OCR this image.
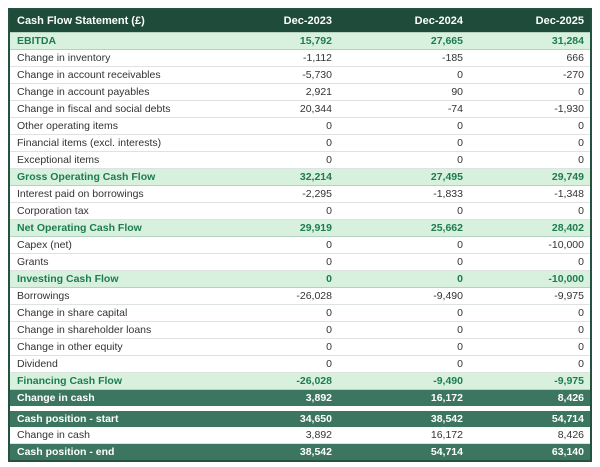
Cash Flow Statement (£)	Dec-2023	Dec-2024	Dec-2025
EBITDA	15,792	27,665	31,284
Change in inventory	-1,112	-185	666
Change in account receivables	-5,730	0	-270
Change in account payables	2,921	90	0
Change in fiscal and social debts	20,344	-74	-1,930
Other operating items	0	0	0
Financial items (excl. interests)	0	0	0
Exceptional items	0	0	0
Gross Operating Cash Flow	32,214	27,495	29,749
Interest paid on borrowings	-2,295	-1,833	-1,348
Corporation tax	0	0	0
Net Operating Cash Flow	29,919	25,662	28,402
Capex (net)	0	0	-10,000
Grants	0	0	0
Investing Cash Flow	0	0	-10,000
Borrowings	-26,028	-9,490	-9,975
Change in share capital	0	0	0
Change in shareholder loans	0	0	0
Change in other equity	0	0	0
Dividend	0	0	0
Financing Cash Flow	-26,028	-9,490	-9,975
Change in cash	3,892	16,172	8,426

Cash position - start	34,650	38,542	54,714
Change in cash	3,892	16,172	8,426
Cash position - end	38,542	54,714	63,140
